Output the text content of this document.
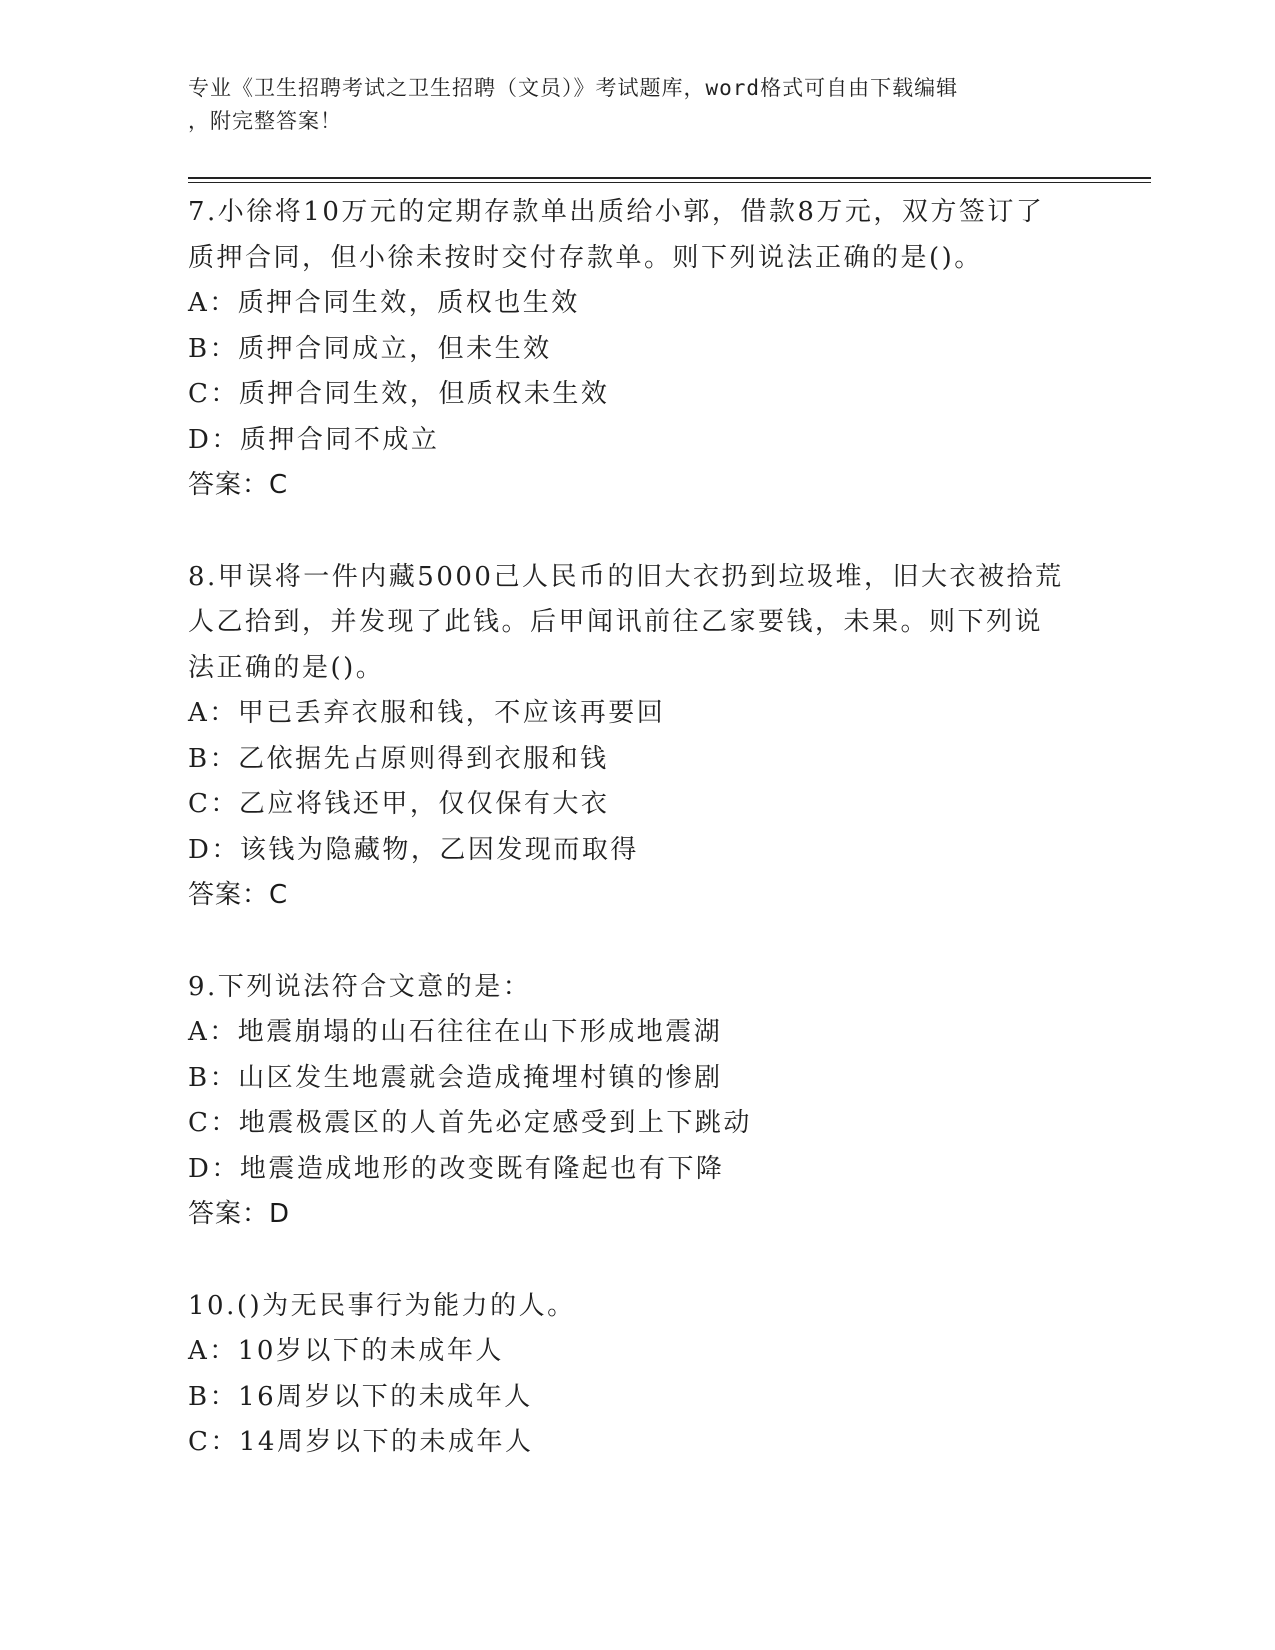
专业《卫生招聘考试之卫生招聘（文员）》考试题库，word格式可自由下载编辑
，附完整答案！
7.小徐将10万元的定期存款单出质给小郭，借款8万元，双方签订了
质押合同，但小徐未按时交付存款单。则下列说法正确的是()。
A：质押合同生效，质权也生效
B：质押合同成立，但未生效
C：质押合同生效，但质权未生效
D：质押合同不成立
答案：C
8.甲误将一件内藏5000己人民币的旧大衣扔到垃圾堆，旧大衣被拾荒
人乙拾到，并发现了此钱。后甲闻讯前往乙家要钱，未果。则下列说
法正确的是()。
A：甲已丢弃衣服和钱，不应该再要回
B：乙依据先占原则得到衣服和钱
C：乙应将钱还甲，仅仅保有大衣
D：该钱为隐藏物，乙因发现而取得
答案：C
9.下列说法符合文意的是：
A：地震崩塌的山石往往在山下形成地震湖
B：山区发生地震就会造成掩埋村镇的惨剧
C：地震极震区的人首先必定感受到上下跳动
D：地震造成地形的改变既有隆起也有下降
答案：D
10.()为无民事行为能力的人。
A：10岁以下的未成年人
B：16周岁以下的未成年人
C：14周岁以下的未成年人
